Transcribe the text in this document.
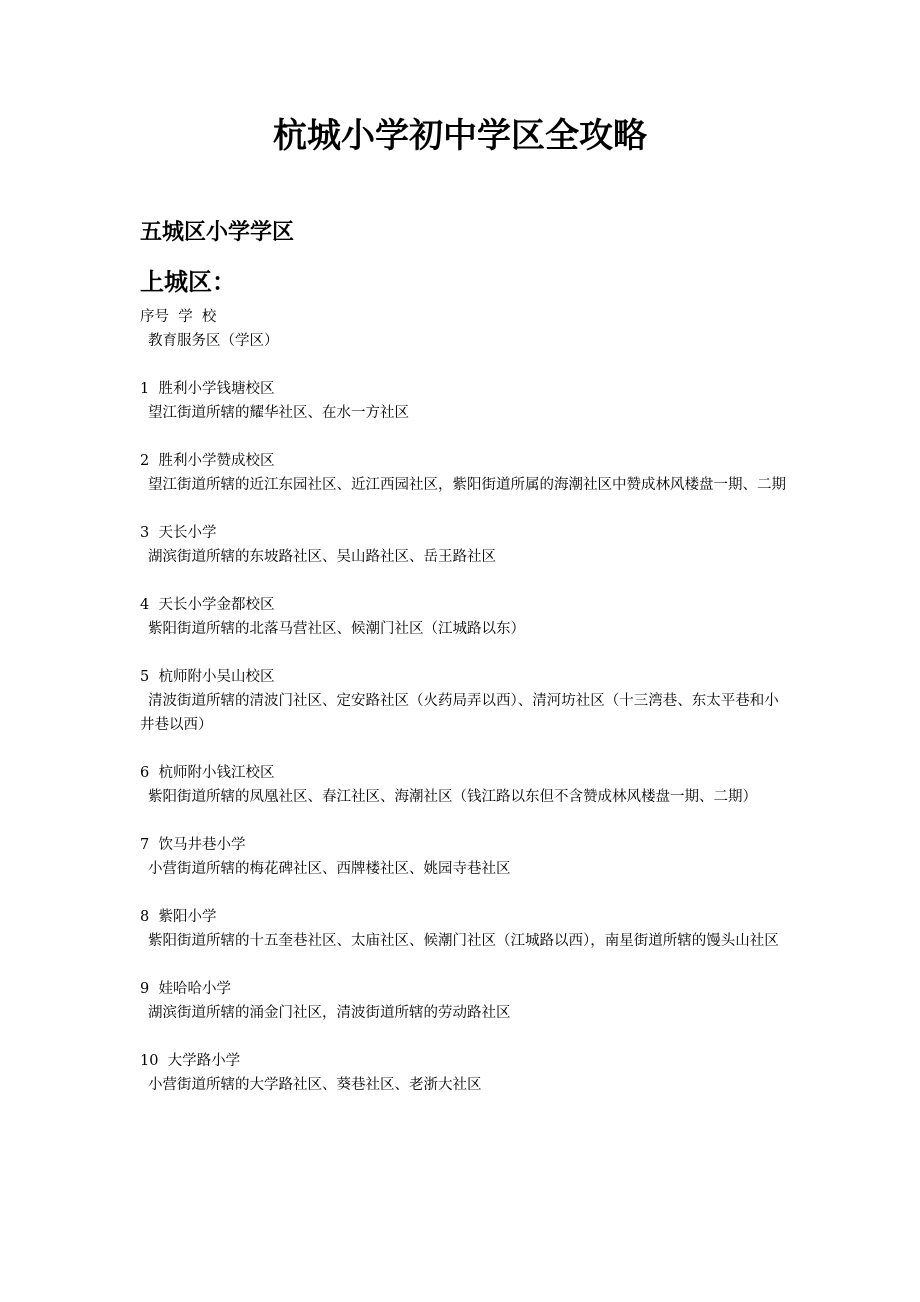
杭城小学初中学区全攻略
五城区小学学区
上城区：

序号  学  校

教育服务区（学区）

1 胜利小学钱塘校区

望江街道所辖的耀华社区、在水一方社区

2 胜利小学赞成校区

望江街道所辖的近江东园社区、近江西园社区，紫阳街道所属的海潮社区中赞成林风楼盘一期、二期

3 天长小学

湖滨街道所辖的东坡路社区、吴山路社区、岳王路社区

4 天长小学金都校区

紫阳街道所辖的北落马营社区、候潮门社区（江城路以东）

5 杭师附小吴山校区

清波街道所辖的清波门社区、定安路社区（火药局弄以西）、清河坊社区（十三湾巷、东太平巷和小井巷以西）

6 杭师附小钱江校区

紫阳街道所辖的凤凰社区、春江社区、海潮社区（钱江路以东但不含赞成林风楼盘一期、二期）

7 饮马井巷小学

小营街道所辖的梅花碑社区、西牌楼社区、姚园寺巷社区

8 紫阳小学

紫阳街道所辖的十五奎巷社区、太庙社区、候潮门社区（江城路以西），南星街道所辖的馒头山社区

9 娃哈哈小学

湖滨街道所辖的涌金门社区，清波街道所辖的劳动路社区

10 大学路小学

小营街道所辖的大学路社区、葵巷社区、老浙大社区
